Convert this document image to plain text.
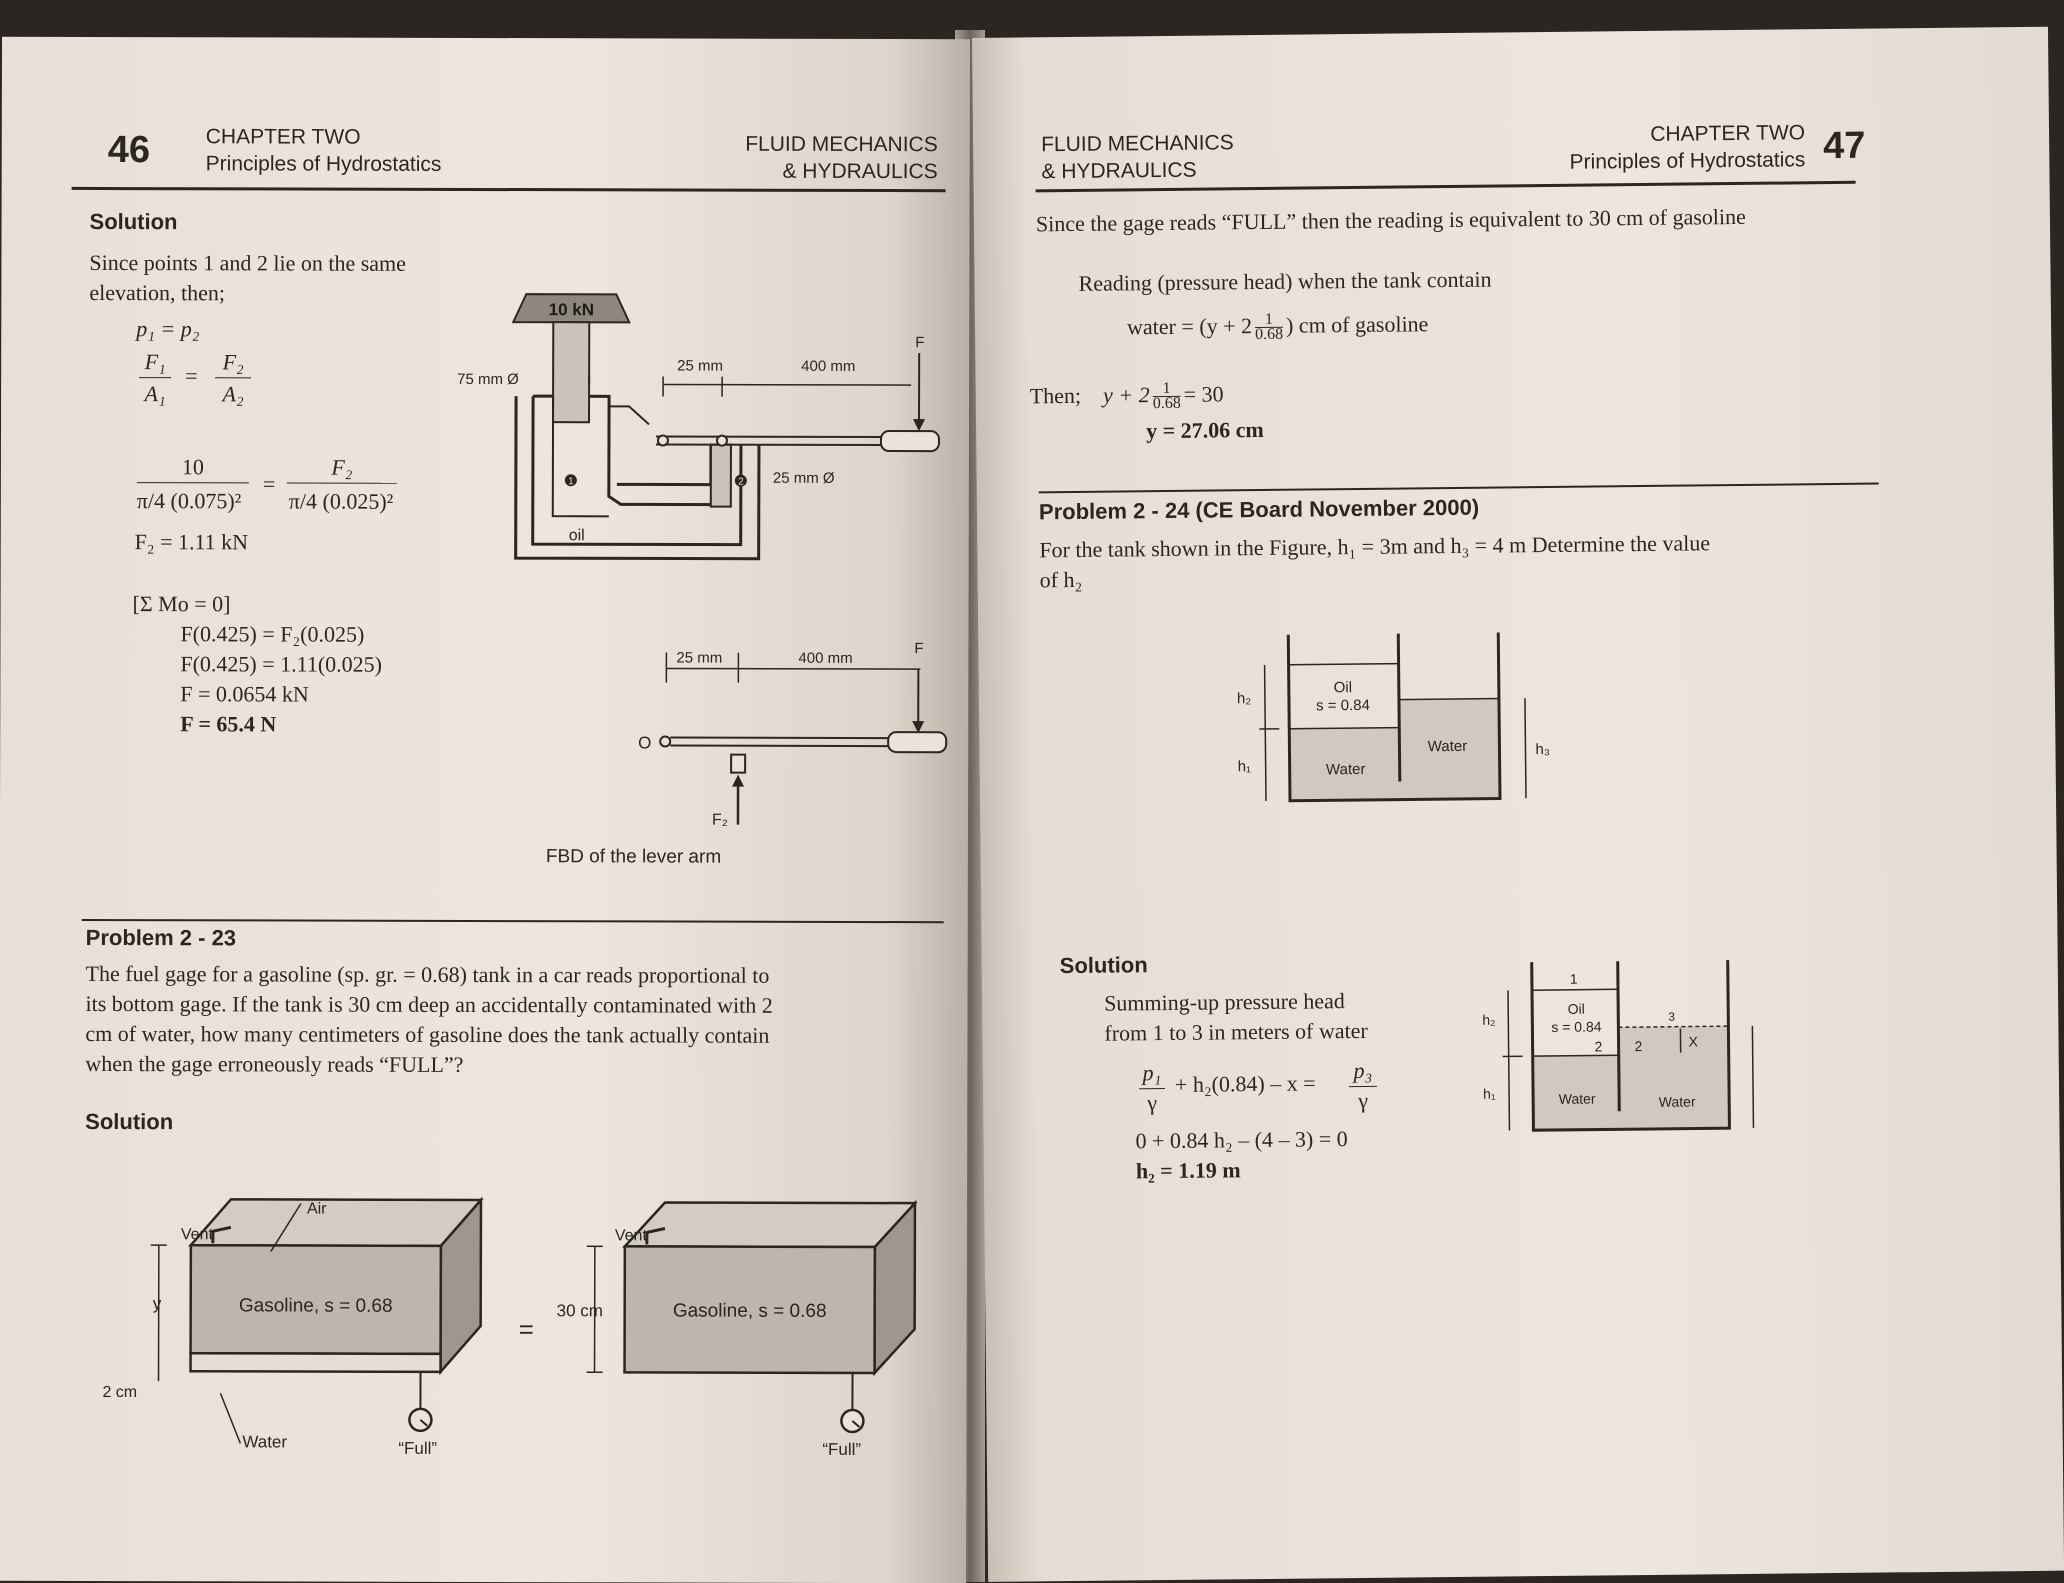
46	CHAPTER TWO
Principles of Hydrostatics
FLUID MECHANICS
& HYDRAULICS
Solution
Since points 1 and 2 lie on the same
elevation, then;
p₁ = p₂
F₁
A₁
=
F₂
A₂
10
π/4 (0.075)²
=
F₂
π/4 (0.025)²
F₂ = 1.11 kN
[Σ Mo = 0]
F(0.425) = F₂(0.025)
F(0.425) = 1.11(0.025)
F = 0.0654 kN
F = 65.4 N
10 kN
75 mm Ø
25 mm	400 mm
F
25 mm Ø
oil
1	2
25 mm	400 mm
O
F
F₂
FBD of the lever arm
Problem 2 - 23
The fuel gage for a gasoline (sp. gr. = 0.68) tank in a car reads proportional to
its bottom gage. If the tank is 30 cm deep an accidentally contaminated with 2
cm of water, how many centimeters of gasoline does the tank actually contain
when the gage erroneously reads “FULL”?
Solution
Gasoline, s = 0.68
Vent
Air
y
2 cm
Water	“Full”
=
Gasoline, s = 0.68
Vent
30 cm
“Full”
FLUID MECHANICS
& HYDRAULICS
CHAPTER TWO
Principles of Hydrostatics 47
Since the gage reads “FULL” then the reading is equivalent to 30 cm of gasoline
Reading (pressure head) when the tank contain
water = ($y + 2 \frac{1}{0.68}$ ) cm of gasoline
Then; $y + 2 \frac{1}{0.68} = 30$
y = 27.06 cm
Problem 2 - 24 (CE Board November 2000)
For the tank shown in the Figure, h₁ = 3m and h₃ = 4 m Determine the value
of h₂
Oil
s = 0.84
Water
Water
h₂
h₁
h₃
Solution
Summing-up pressure head
from 1 to 3 in meters of water
p₁
γ
+ h₂(0.84) – x = p₃
γ
0 + 0.84 h₂ – (4 – 3) = 0
h₂ = 1.19 m
1
Oil
s = 0.84
2 2
3
X
Water	Water
h₂
h₁
